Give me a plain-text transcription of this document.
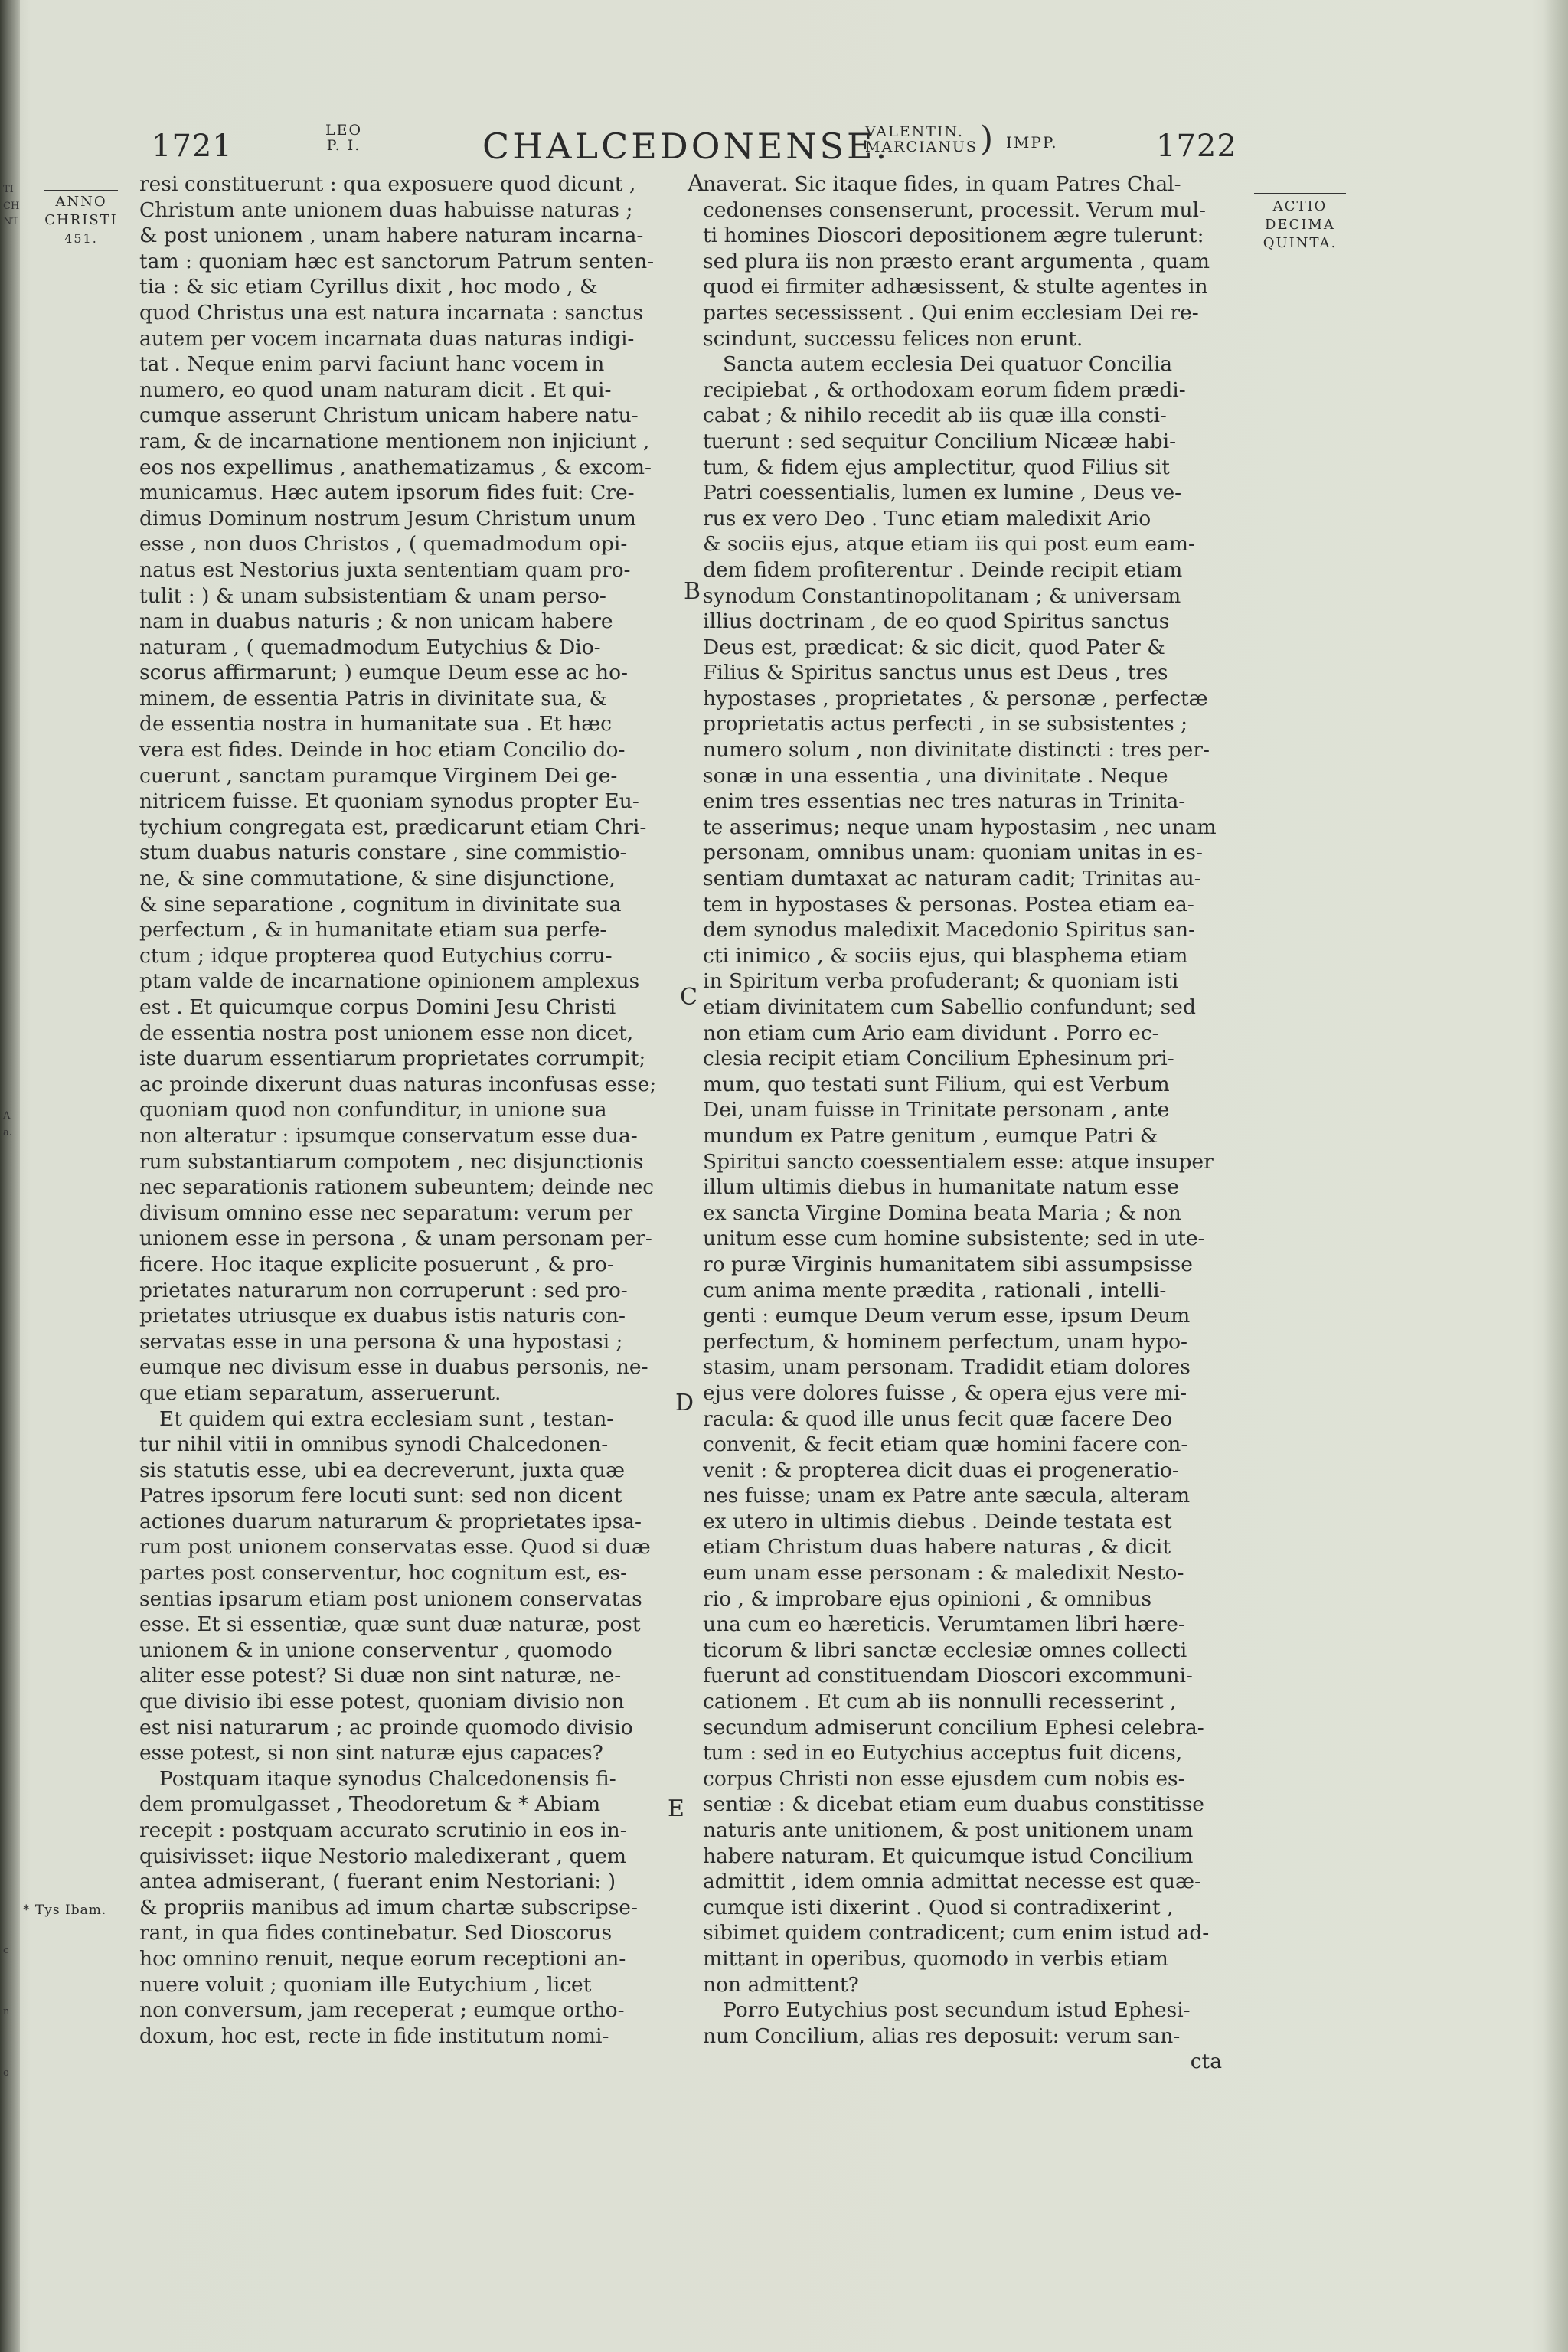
1721	LEO
P. I.	CHALCEDONENSE.
VALENTIN.
MARCIANUS ) IMPP.	1722
ANNO
CHRISTI
451.
ACTIO
DECIMA
QUINTA.
* Tys Ibam.
A
B
C
D
E
resi constituerunt : qua exposuere quod dicunt ,
Christum ante unionem duas habuisse naturas ;
& post unionem , unam habere naturam incarna-
tam : quoniam hæc est sanctorum Patrum senten-
tia : & sic etiam Cyrillus dixit , hoc modo , &
quod Christus una est natura incarnata : sanctus
autem per vocem incarnata duas naturas indigi-
tat . Neque enim parvi faciunt hanc vocem in
numero, eo quod unam naturam dicit . Et qui-
cumque asserunt Christum unicam habere natu-
ram, & de incarnatione mentionem non injiciunt ,
eos nos expellimus , anathematizamus , & excom-
municamus. Hæc autem ipsorum fides fuit: Cre-
dimus Dominum nostrum Jesum Christum unum
esse , non duos Christos , ( quemadmodum opi-
natus est Nestorius juxta sententiam quam pro-
tulit : ) & unam subsistentiam & unam perso-
nam in duabus naturis ; & non unicam habere
naturam , ( quemadmodum Eutychius & Dio-
scorus affirmarunt; ) eumque Deum esse ac ho-
minem, de essentia Patris in divinitate sua, &
de essentia nostra in humanitate sua . Et hæc
vera est fides. Deinde in hoc etiam Concilio do-
cuerunt , sanctam puramque Virginem Dei ge-
nitricem fuisse. Et quoniam synodus propter Eu-
tychium congregata est, prædicarunt etiam Chri-
stum duabus naturis constare , sine commistio-
ne, & sine commutatione, & sine disjunctione,
& sine separatione , cognitum in divinitate sua
perfectum , & in humanitate etiam sua perfe-
ctum ; idque propterea quod Eutychius corru-
ptam valde de incarnatione opinionem amplexus
est . Et quicumque corpus Domini Jesu Christi
de essentia nostra post unionem esse non dicet,
iste duarum essentiarum proprietates corrumpit;
ac proinde dixerunt duas naturas inconfusas esse;
quoniam quod non confunditur, in unione sua
non alteratur : ipsumque conservatum esse dua-
rum substantiarum compotem , nec disjunctionis
nec separationis rationem subeuntem; deinde nec
divisum omnino esse nec separatum: verum per
unionem esse in persona , & unam personam per-
ficere. Hoc itaque explicite posuerunt , & pro-
prietates naturarum non corruperunt : sed pro-
prietates utriusque ex duabus istis naturis con-
servatas esse in una persona & una hypostasi ;
eumque nec divisum esse in duabus personis, ne-
que etiam separatum, asseruerunt.
Et quidem qui extra ecclesiam sunt , testan-
tur nihil vitii in omnibus synodi Chalcedonen-
sis statutis esse, ubi ea decreverunt, juxta quæ
Patres ipsorum fere locuti sunt: sed non dicent
actiones duarum naturarum & proprietates ipsa-
rum post unionem conservatas esse. Quod si duæ
partes post conserventur, hoc cognitum est, es-
sentias ipsarum etiam post unionem conservatas
esse. Et si essentiæ, quæ sunt duæ naturæ, post
unionem & in unione conserventur , quomodo
aliter esse potest? Si duæ non sint naturæ, ne-
que divisio ibi esse potest, quoniam divisio non
est nisi naturarum ; ac proinde quomodo divisio
esse potest, si non sint naturæ ejus capaces?
Postquam itaque synodus Chalcedonensis fi-
dem promulgasset , Theodoretum & * Abiam
recepit : postquam accurato scrutinio in eos in-
quisivisset: iique Nestorio maledixerant , quem
antea admiserant, ( fuerant enim Nestoriani: )
& propriis manibus ad imum chartæ subscripse-
rant, in qua fides continebatur. Sed Dioscorus
hoc omnino renuit, neque eorum receptioni an-
nuere voluit ; quoniam ille Eutychium , licet
non conversum, jam receperat ; eumque ortho-
doxum, hoc est, recte in fide institutum nomi-
naverat. Sic itaque fides, in quam Patres Chal-
cedonenses consenserunt, processit. Verum mul-
ti homines Dioscori depositionem ægre tulerunt:
sed plura iis non præsto erant argumenta , quam
quod ei firmiter adhæsissent, & stulte agentes in
partes secessissent . Qui enim ecclesiam Dei re-
scindunt, successu felices non erunt.
Sancta autem ecclesia Dei quatuor Concilia
recipiebat , & orthodoxam eorum fidem prædi-
cabat ; & nihilo recedit ab iis quæ illa consti-
tuerunt : sed sequitur Concilium Nicææ habi-
tum, & fidem ejus amplectitur, quod Filius sit
Patri coessentialis, lumen ex lumine , Deus ve-
rus ex vero Deo . Tunc etiam maledixit Ario
& sociis ejus, atque etiam iis qui post eum eam-
dem fidem profiterentur . Deinde recipit etiam
synodum Constantinopolitanam ; & universam
illius doctrinam , de eo quod Spiritus sanctus
Deus est, prædicat: & sic dicit, quod Pater &
Filius & Spiritus sanctus unus est Deus , tres
hypostases , proprietates , & personæ , perfectæ
proprietatis actus perfecti , in se subsistentes ;
numero solum , non divinitate distincti : tres per-
sonæ in una essentia , una divinitate . Neque
enim tres essentias nec tres naturas in Trinita-
te asserimus; neque unam hypostasim , nec unam
personam, omnibus unam: quoniam unitas in es-
sentiam dumtaxat ac naturam cadit; Trinitas au-
tem in hypostases & personas. Postea etiam ea-
dem synodus maledixit Macedonio Spiritus san-
cti inimico , & sociis ejus, qui blasphema etiam
in Spiritum verba profuderant; & quoniam isti
etiam divinitatem cum Sabellio confundunt; sed
non etiam cum Ario eam dividunt . Porro ec-
clesia recipit etiam Concilium Ephesinum pri-
mum, quo testati sunt Filium, qui est Verbum
Dei, unam fuisse in Trinitate personam , ante
mundum ex Patre genitum , eumque Patri &
Spiritui sancto coessentialem esse: atque insuper
illum ultimis diebus in humanitate natum esse
ex sancta Virgine Domina beata Maria ; & non
unitum esse cum homine subsistente; sed in ute-
ro puræ Virginis humanitatem sibi assumpsisse
cum anima mente prædita , rationali , intelli-
genti : eumque Deum verum esse, ipsum Deum
perfectum, & hominem perfectum, unam hypo-
stasim, unam personam. Tradidit etiam dolores
ejus vere dolores fuisse , & opera ejus vere mi-
racula: & quod ille unus fecit quæ facere Deo
convenit, & fecit etiam quæ homini facere con-
venit : & propterea dicit duas ei progeneratio-
nes fuisse; unam ex Patre ante sæcula, alteram
ex utero in ultimis diebus . Deinde testata est
etiam Christum duas habere naturas , & dicit
eum unam esse personam : & maledixit Nesto-
rio , & improbare ejus opinioni , & omnibus
una cum eo hæreticis. Verumtamen libri hære-
ticorum & libri sanctæ ecclesiæ omnes collecti
fuerunt ad constituendam Dioscori excommuni-
cationem . Et cum ab iis nonnulli recesserint ,
secundum admiserunt concilium Ephesi celebra-
tum : sed in eo Eutychius acceptus fuit dicens,
corpus Christi non esse ejusdem cum nobis es-
sentiæ : & dicebat etiam eum duabus constitisse
naturis ante unitionem, & post unitionem unam
habere naturam. Et quicumque istud Concilium
admittit , idem omnia admittat necesse est quæ-
cumque isti dixerint . Quod si contradixerint ,
sibimet quidem contradicent; cum enim istud ad-
mittant in operibus, quomodo in verbis etiam
non admittent?
Porro Eutychius post secundum istud Ephesi-
num Concilium, alias res deposuit: verum san-
cta
TI
CH
NT
A
a.
c
n
o
